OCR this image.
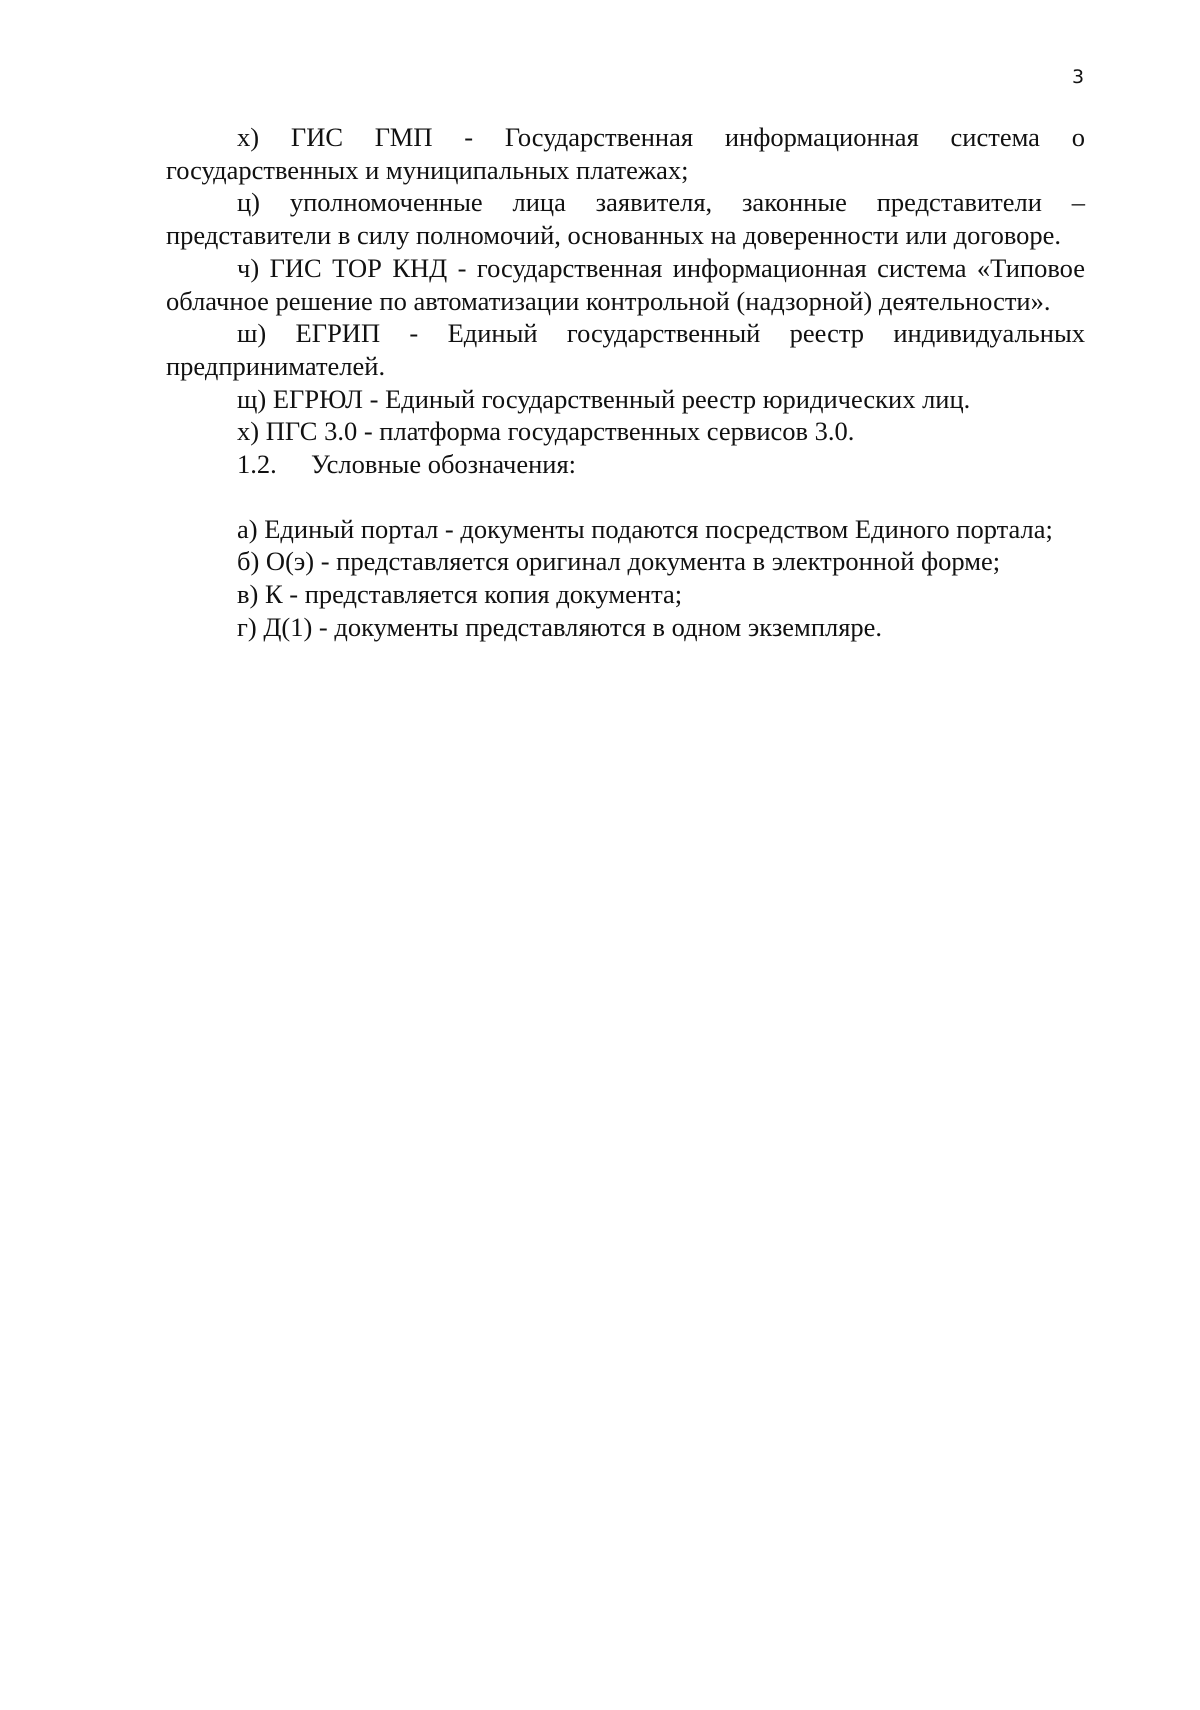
3

х) ГИС ГМП - Государственная информационная система о государственных и муниципальных платежах;

ц) уполномоченные лица заявителя, законные представители – представители в силу полномочий, основанных на доверенности или договоре.

ч) ГИС ТОР КНД - государственная информационная система «Типовое облачное решение по автоматизации контрольной (надзорной) деятельности».

ш) ЕГРИП - Единый государственный реестр индивидуальных предпринимателей.

щ) ЕГРЮЛ - Единый государственный реестр юридических лиц.

х) ПГС 3.0 - платформа государственных сервисов 3.0.

1.2.	Условные обозначения:

а) Единый портал - документы подаются посредством Единого портала;

б) О(э) - представляется оригинал документа в электронной форме;

в) К - представляется копия документа;

г) Д(1) - документы представляются в одном экземпляре.
